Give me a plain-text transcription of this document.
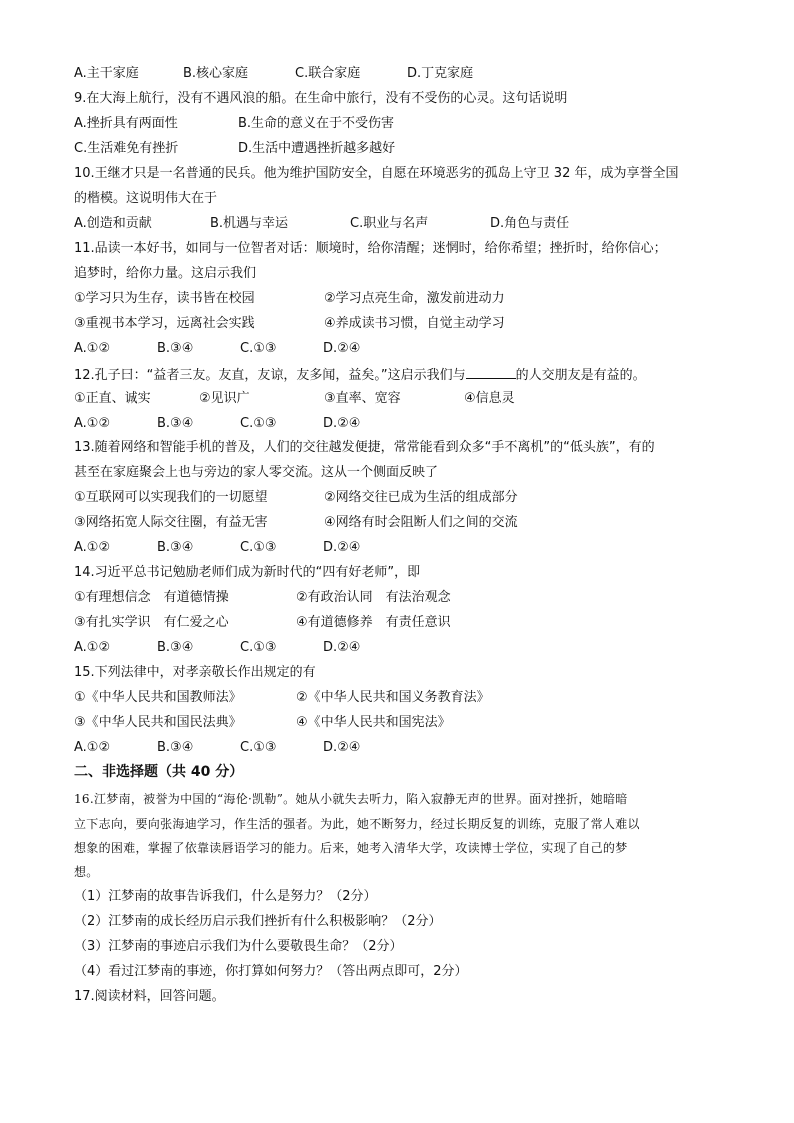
A.主干家庭	B.核心家庭	C.联合家庭	D.丁克家庭
9.在大海上航行，没有不遇风浪的船。在生命中旅行，没有不受伤的心灵。这句话说明
A.挫折具有两面性	B.生命的意义在于不受伤害
C.生活难免有挫折	D.生活中遭遇挫折越多越好
10.王继才只是一名普通的民兵。他为维护国防安全，自愿在环境恶劣的孤岛上守卫 32 年，成为享誉全国
的楷模。这说明伟大在于
A.创造和贡献	B.机遇与幸运	C.职业与名声	D.角色与责任
11.品读一本好书，如同与一位智者对话：顺境时，给你清醒；迷惘时，给你希望；挫折时，给你信心；
追梦时，给你力量。这启示我们
①学习只为生存，读书皆在校园	②学习点亮生命，激发前进动力
③重视书本学习，远离社会实践	④养成读书习惯，自觉主动学习
A.①②	B.③④	C.①③	D.②④
12.孔子曰：“益者三友。友直，友谅，友多闻，益矣。”这启示我们与	的人交朋友是有益的。
①正直、诚实	②见识广	③直率、宽容	④信息灵
A.①②	B.③④	C.①③	D.②④
13.随着网络和智能手机的普及，人们的交往越发便捷，常常能看到众多“手不离机”的“低头族”，有的
甚至在家庭聚会上也与旁边的家人零交流。这从一个侧面反映了
①互联网可以实现我们的一切愿望	②网络交往已成为生活的组成部分
③网络拓宽人际交往圈，有益无害	④网络有时会阻断人们之间的交流
A.①②	B.③④	C.①③	D.②④
14.习近平总书记勉励老师们成为新时代的“四有好老师”，即
①有理想信念　有道德情操	②有政治认同　有法治观念
③有扎实学识　有仁爱之心	④有道德修养　有责任意识
A.①②	B.③④	C.①③	D.②④
15.下列法律中，对孝亲敬长作出规定的有
①《中华人民共和国教师法》	②《中华人民共和国义务教育法》
③《中华人民共和国民法典》	④《中华人民共和国宪法》
A.①②	B.③④	C.①③	D.②④
二、非选择题（共 40 分）
16.江梦南，被誉为中国的“海伦·凯勒”。她从小就失去听力，陷入寂静无声的世界。面对挫折，她暗暗
立下志向，要向张海迪学习，作生活的强者。为此，她不断努力，经过长期反复的训练，克服了常人难以
想象的困难，掌握了依靠读唇语学习的能力。后来，她考入清华大学，攻读博士学位，实现了自己的梦
想。
（1）江梦南的故事告诉我们，什么是努力？（2分）
（2）江梦南的成长经历启示我们挫折有什么积极影响？（2分）
（3）江梦南的事迹启示我们为什么要敬畏生命？（2分）
（4）看过江梦南的事迹，你打算如何努力？（答出两点即可，2分）
17.阅读材料，回答问题。
